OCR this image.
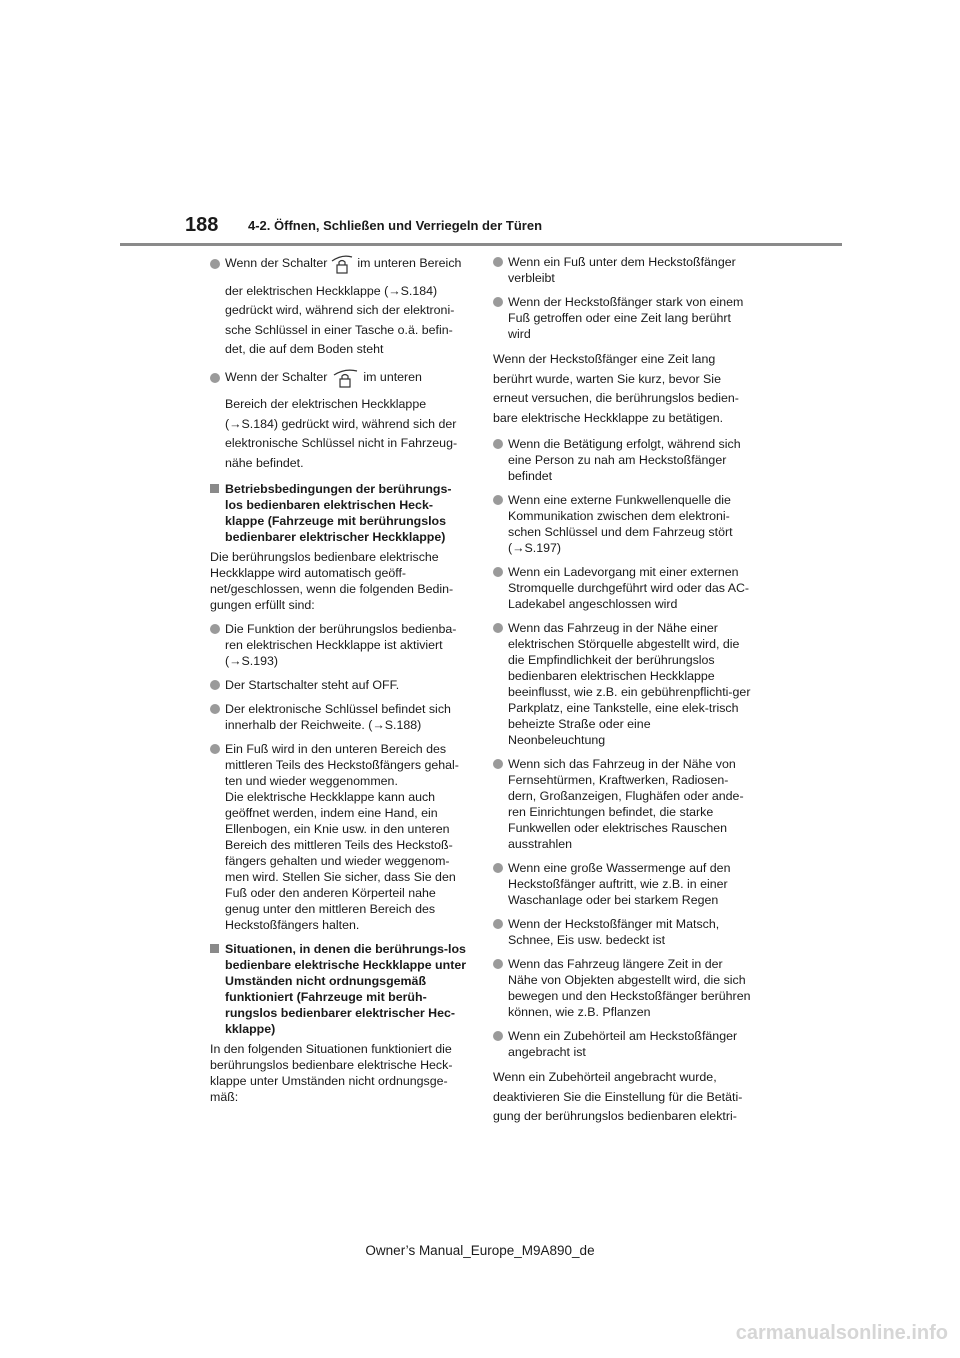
188 4-2. Öffnen, Schließen und Verriegeln der Türen
Wenn der Schalter im unteren Bereich
der elektrischen Heckklappe (→S.184) gedrückt wird, während sich der elektroni-sche Schlüssel in einer Tasche o.ä. befin-det, die auf dem Boden steht
Wenn der Schalter	im unteren
Bereich der elektrischen Heckklappe (→S.184) gedrückt wird, während sich der elektronische Schlüssel nicht in Fahrzeug-nähe befindet.
Betriebsbedingungen der berührungs-los bedienbaren elektrischen Heck-klappe (Fahrzeuge mit berührungslos bedienbarer elektrischer Heckklappe)

Die berührungslos bedienbare elektrische Heckklappe wird automatisch geöff-net/geschlossen, wenn die folgenden Bedin-gungen erfüllt sind:

Die Funktion der berührungslos bedienba-ren elektrischen Heckklappe ist aktiviert (→S.193)
Der Startschalter steht auf OFF.
Der elektronische Schlüssel befindet sich innerhalb der Reichweite. (→S.188)
Ein Fuß wird in den unteren Bereich des mittleren Teils des Heckstoßfängers gehal-ten und wieder weggenommen.
Die elektrische Heckklappe kann auch geöffnet werden, indem eine Hand, ein Ellenbogen, ein Knie usw. in den unteren Bereich des mittleren Teils des Heckstoß-fängers gehalten und wieder weggenom-men wird. Stellen Sie sicher, dass Sie den Fuß oder den anderen Körperteil nahe genug unter den mittleren Bereich des Heckstoßfängers halten.
Situationen, in denen die berührungs-los bedienbare elektrische Heckklappe unter Umständen nicht ordnungsgemäß funktioniert (Fahrzeuge mit berüh-rungslos bedienbarer elektrischer Hec-kklappe)

In den folgenden Situationen funktioniert die berührungslos bedienbare elektrische Heck-klappe unter Umständen nicht ordnungsge-mäß:

Wenn ein Fuß unter dem Heckstoßfänger verbleibt
Wenn der Heckstoßfänger stark von einem Fuß getroffen oder eine Zeit lang berührt wird

Wenn der Heckstoßfänger eine Zeit lang berührt wurde, warten Sie kurz, bevor Sie erneut versuchen, die berührungslos bedien-bare elektrische Heckklappe zu betätigen.

Wenn die Betätigung erfolgt, während sich eine Person zu nah am Heckstoßfänger befindet
Wenn eine externe Funkwellenquelle die Kommunikation zwischen dem elektroni-schen Schlüssel und dem Fahrzeug stört (→S.197)
Wenn ein Ladevorgang mit einer externen Stromquelle durchgeführt wird oder das AC-Ladekabel angeschlossen wird
Wenn das Fahrzeug in der Nähe einer elektrischen Störquelle abgestellt wird, die die Empfindlichkeit der berührungslos bedienbaren elektrischen Heckklappe beeinflusst, wie z.B. ein gebührenpflichti-ger Parkplatz, eine Tankstelle, eine elek-trisch beheizte Straße oder eine Neonbeleuchtung
Wenn sich das Fahrzeug in der Nähe von Fernsehtürmen, Kraftwerken, Radiosen-dern, Großanzeigen, Flughäfen oder ande-ren Einrichtungen befindet, die starke Funkwellen oder elektrisches Rauschen ausstrahlen
Wenn eine große Wassermenge auf den Heckstoßfänger auftritt, wie z.B. in einer Waschanlage oder bei starkem Regen
Wenn der Heckstoßfänger mit Matsch, Schnee, Eis usw. bedeckt ist
Wenn das Fahrzeug längere Zeit in der Nähe von Objekten abgestellt wird, die sich bewegen und den Heckstoßfänger berühren können, wie z.B. Pflanzen
Wenn ein Zubehörteil am Heckstoßfänger angebracht ist

Wenn ein Zubehörteil angebracht wurde, deaktivieren Sie die Einstellung für die Betäti-gung der berührungslos bedienbaren elektri-

Owner’s Manual_Europe_M9A890_de
carmanualsonline.info
